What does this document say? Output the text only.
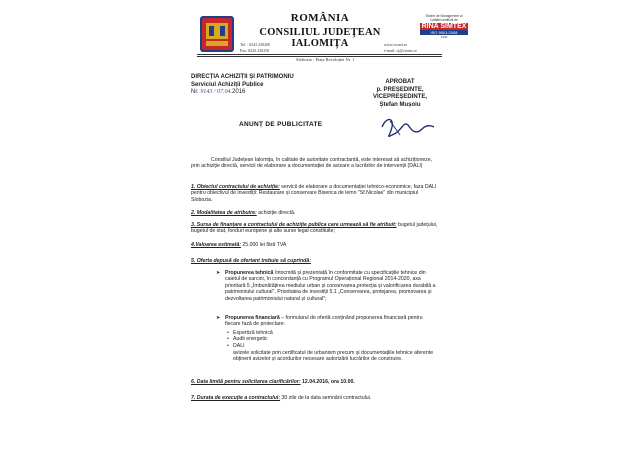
ROMÂNIA
CONSILIUL JUDEȚEAN IALOMIȚA
Tel. : 0243 230200
Fax: 0243 230250
www.cicnet.ro
e-mail: cj@cicnet.ro
Slobozia - Piața Revoluției Nr. 1
Sistem de Management al Calității certificat de
RINA SIMTEX
ISO 9001:2008
1440
DIRECȚIA ACHIZIȚII ȘI PATRIMONIU
Serviciul Achiziții Publice
Nr. 9143 / 07.04.2016
APROBAT
p. PREȘEDINTE,
VICEPREȘEDINTE,
Ștefan Mușoiu
ANUNȚ DE PUBLICITATE
Consiliul Județean Ialomița, în calitate de autoritate contractantă, este interesat să achiziționeze, prin achiziție directă, servicii de elaborare a documentației de avizare a lucrărilor de intervenții (DALI)
1. Obiectul contractului de achiziție: servicii de elaborare a documentației tehnico-economice, faza DALI pentru obiectivul de investiții: Restaurare și conservare Biserica de lemn "Sf.Nicolae" din municipiul Slobozia.
2. Modalitatea de atribuire: achiziție directă.
3. Sursa de finanțare a contractului de achiziție publica care urmează să fie atribuit: bugetul județului, bugetul de stat, fonduri europene și alte surse legal constituite;
4.Valoarea estimată: 25.000 lei fără TVA
5. Oferta depusă de ofertant trebuie să cuprindă:
➤ Propunerea tehnică întocmită și prezentată în conformitate cu specificațiile tehnice din caietul de sarcini, în concordanță cu Programul Operațional Regional 2014-2020, axa prioritară 5 „Îmbunătățirea mediului urban și conservarea,protecția și valorificarea durabilă a patrimoniului cultural", Prioritatea de investiții 5.1 „Conservarea, protejarea, promovarea și dezvoltarea patrimoniului natural și cultural";
➤ Propunerea financiară – formularul de ofertă conținând propunerea financiară pentru fiecare fază de proiectare:
• Expertiză tehnică
• Audit energetic
• DALI
avizele solicitate prin certificatul de urbanism precum și documentațiile tehnice aferente obținerii avizelor și acordurilor necesare autorizării lucrărilor de construire.
6. Data limită pentru solicitarea clarificărilor: 12.04.2016, ora 10.00.
7. Durata de execuție a contractului: 30 zile de la data semnării contractului.
